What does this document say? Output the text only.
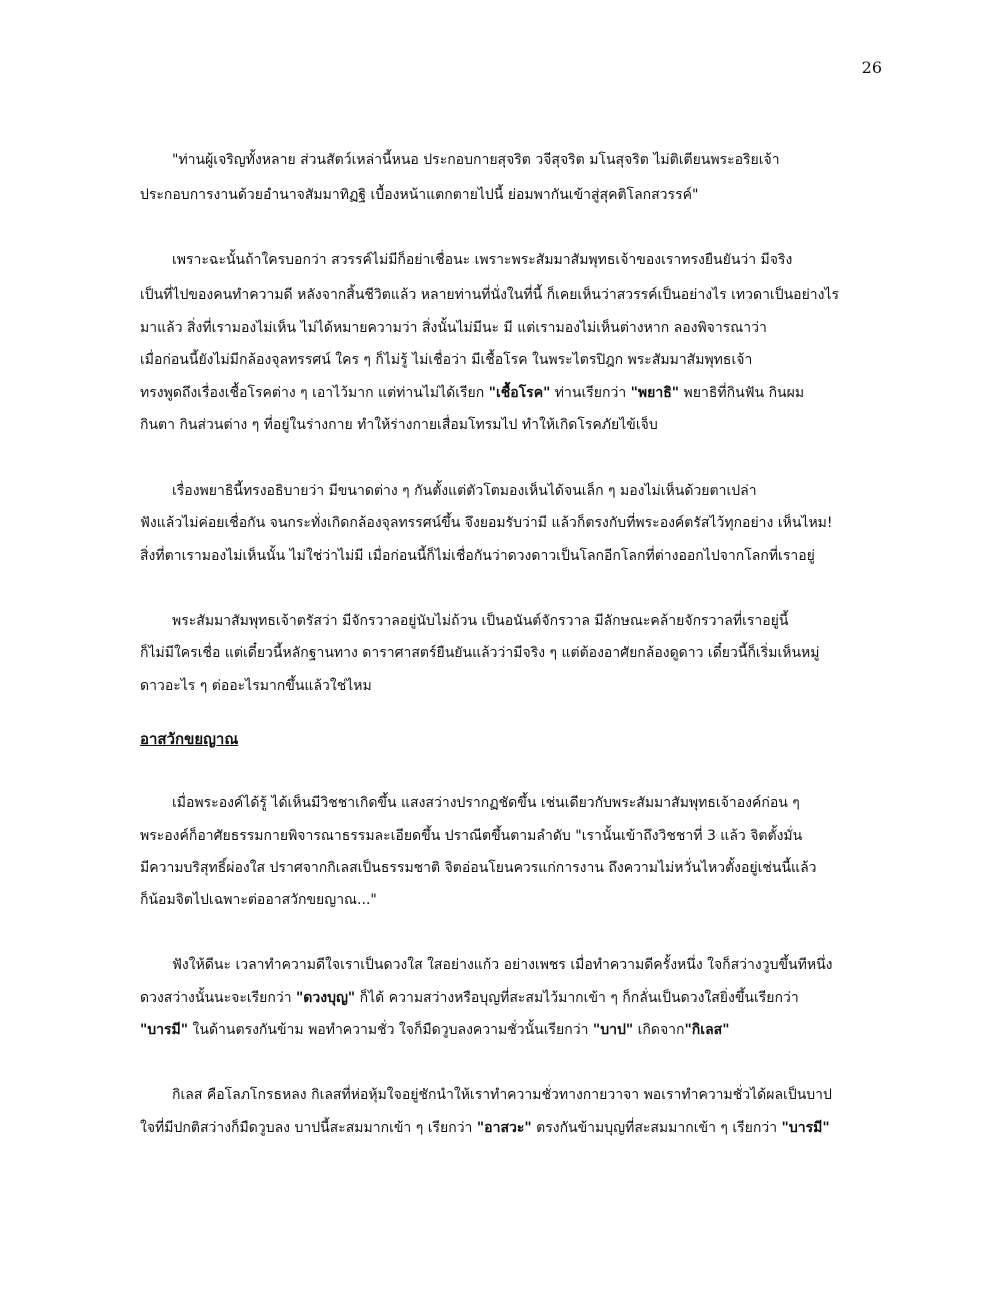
26
"ท่านผู้เจริญทั้งหลาย ส่วนสัตว์เหล่านี้หนอ ประกอบกายสุจริต วจีสุจริต มโนสุจริต ไม่ติเตียนพระอริยเจ้า
ประกอบการงานด้วยอำนาจสัมมาทิฏฐิ เบื้องหน้าแตกตายไปนี้ ย่อมพากันเข้าสู่สุคติโลกสวรรค์"
เพราะฉะนั้นถ้าใครบอกว่า สวรรค์ไม่มีก็อย่าเชื่อนะ เพราะพระสัมมาสัมพุทธเจ้าของเราทรงยืนยันว่า มีจริง
เป็นที่ไปของคนทำความดี หลังจากสิ้นชีวิตแล้ว หลายท่านที่นั่งในที่นี้ ก็เคยเห็นว่าสวรรค์เป็นอย่างไร เทวดาเป็นอย่างไร
มาแล้ว สิ่งที่เรามองไม่เห็น ไม่ได้หมายความว่า สิ่งนั้นไม่มีนะ มี แต่เรามองไม่เห็นต่างหาก ลองพิจารณาว่า
เมื่อก่อนนี้ยังไม่มีกล้องจุลทรรศน์ ใคร ๆ ก็ไม่รู้ ไม่เชื่อว่า มีเชื้อโรค ในพระไตรปิฎก พระสัมมาสัมพุทธเจ้า
ทรงพูดถึงเรื่องเชื้อโรคต่าง ๆ เอาไว้มาก แต่ท่านไม่ได้เรียก "เชื้อโรค" ท่านเรียกว่า "พยาธิ" พยาธิที่กินฟัน กินผม
กินตา กินส่วนต่าง ๆ ที่อยู่ในร่างกาย ทำให้ร่างกายเสื่อมโทรมไป ทำให้เกิดโรคภัยไข้เจ็บ
เรื่องพยาธินี้ทรงอธิบายว่า มีขนาดต่าง ๆ กันตั้งแต่ตัวโตมองเห็นได้จนเล็ก ๆ มองไม่เห็นด้วยตาเปล่า
ฟังแล้วไม่ค่อยเชื่อกัน จนกระทั่งเกิดกล้องจุลทรรศน์ขึ้น จึงยอมรับว่ามี แล้วก็ตรงกับที่พระองค์ตรัสไว้ทุกอย่าง เห็นไหม!
สิ่งที่ตาเรามองไม่เห็นนั้น ไม่ใช่ว่าไม่มี เมื่อก่อนนี้ก็ไม่เชื่อกันว่าดวงดาวเป็นโลกอีกโลกที่ต่างออกไปจากโลกที่เราอยู่
พระสัมมาสัมพุทธเจ้าตรัสว่า มีจักรวาลอยู่นับไม่ถ้วน เป็นอนันต์จักรวาล มีลักษณะคล้ายจักรวาลที่เราอยู่นี้
ก็ไม่มีใครเชื่อ แต่เดี๋ยวนี้หลักฐานทาง ดาราศาสตร์ยืนยันแล้วว่ามีจริง ๆ แต่ต้องอาศัยกล้องดูดาว เดี๋ยวนี้ก็เริ่มเห็นหมู่
ดาวอะไร ๆ ต่ออะไรมากขึ้นแล้วใช่ไหม
อาสวักขยญาณ
เมื่อพระองค์ได้รู้ ได้เห็นมีวิชชาเกิดขึ้น แสงสว่างปรากฏชัดขึ้น เช่นเดียวกับพระสัมมาสัมพุทธเจ้าองค์ก่อน ๆ
พระองค์ก็อาศัยธรรมกายพิจารณาธรรมละเอียดขึ้น ปราณีตขึ้นตามลำดับ "เรานั้นเข้าถึงวิชชาที่ 3 แล้ว จิตตั้งมั่น
มีความบริสุทธิ์ผ่องใส ปราศจากกิเลสเป็นธรรมชาติ จิตอ่อนโยนควรแก่การงาน ถึงความไม่หวั่นไหวตั้งอยู่เช่นนี้แล้ว
ก็น้อมจิตไปเฉพาะต่ออาสวักขยญาณ..."
ฟังให้ดีนะ เวลาทำความดีใจเราเป็นดวงใส ใสอย่างแก้ว อย่างเพชร เมื่อทำความดีครั้งหนึ่ง ใจก็สว่างวูบขึ้นทีหนึ่ง
ดวงสว่างนั้นนะจะเรียกว่า "ดวงบุญ" ก็ได้ ความสว่างหรือบุญที่สะสมไว้มากเข้า ๆ ก็กลั่นเป็นดวงใสยิ่งขึ้นเรียกว่า
"บารมี" ในด้านตรงกันข้าม พอทำความชั่ว ใจก็มืดวูบลงความชั่วนั้นเรียกว่า "บาป" เกิดจาก"กิเลส"
กิเลส คือโลภโกรธหลง กิเลสที่ห่อหุ้มใจอยู่ชักนำให้เราทำความชั่วทางกายวาจา พอเราทำความชั่วได้ผลเป็นบาป
ใจที่มีปกติสว่างก็มืดวูบลง บาปนี้สะสมมากเข้า ๆ เรียกว่า "อาสวะ" ตรงกันข้ามบุญที่สะสมมากเข้า ๆ เรียกว่า "บารมี"
